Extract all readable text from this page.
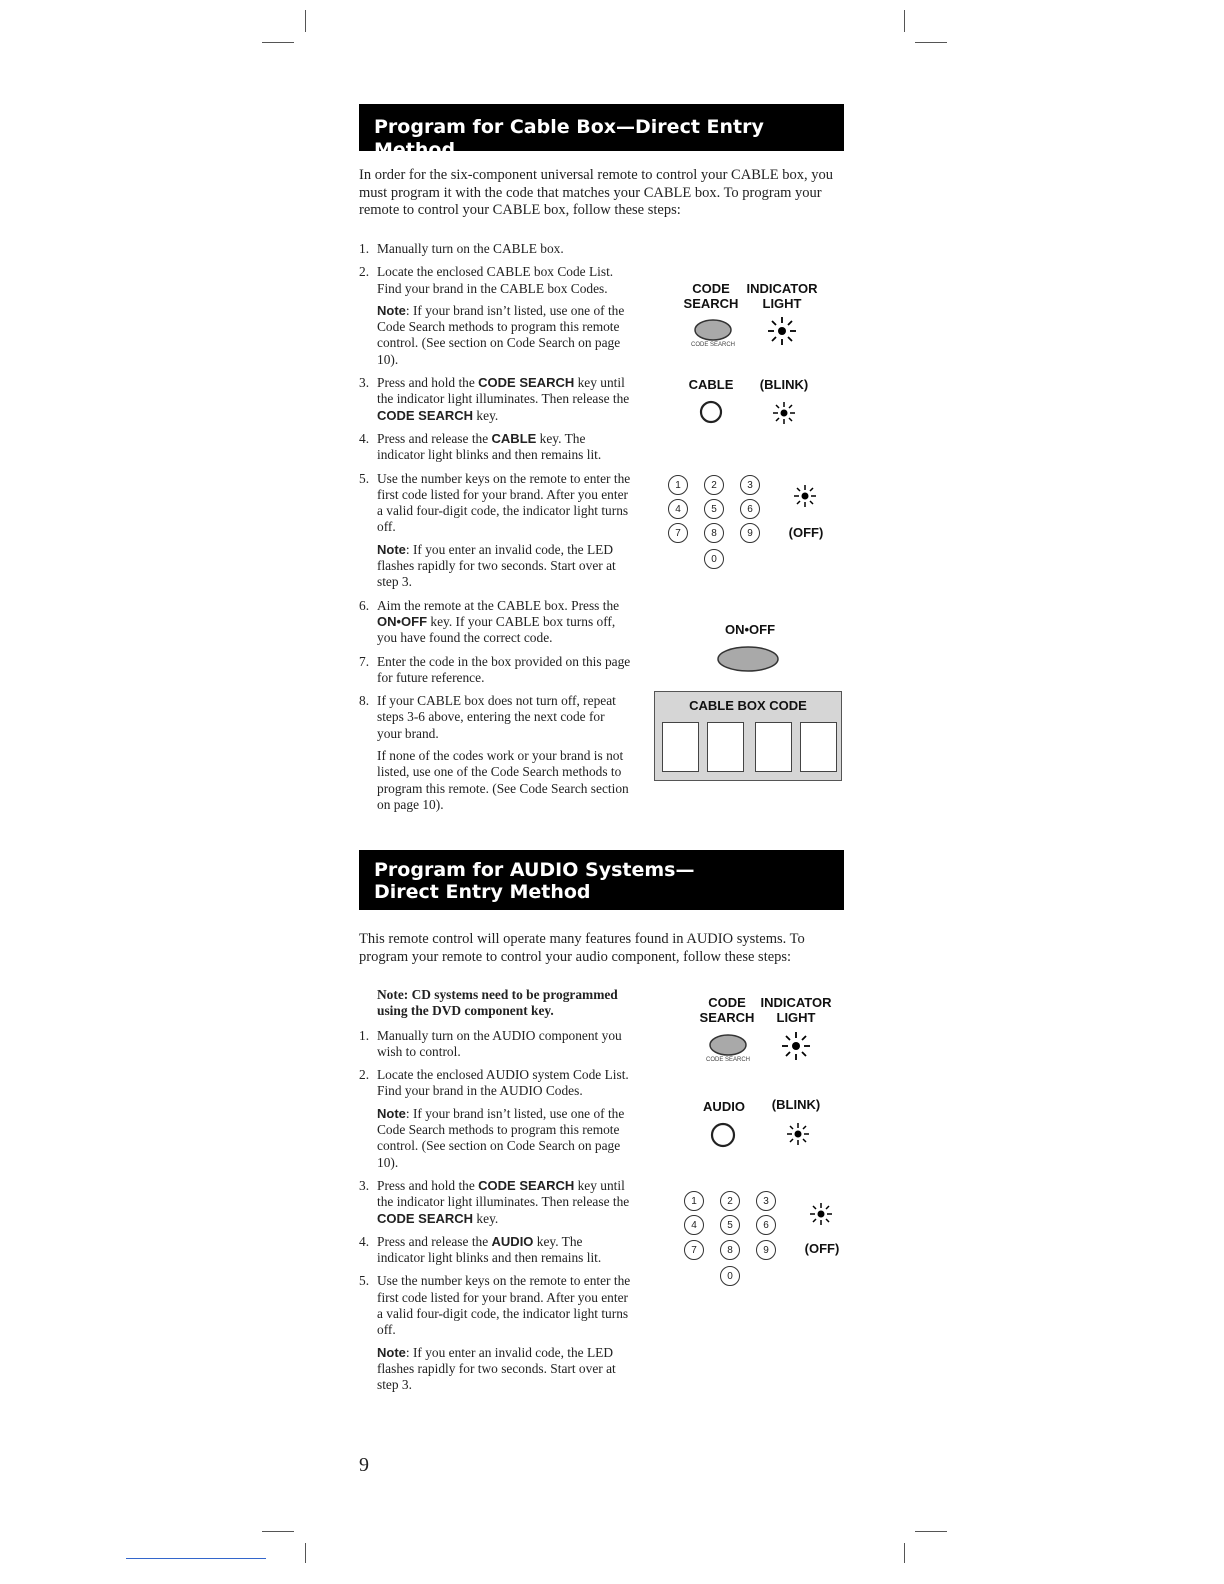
Program for Cable Box—Direct Entry Method
In order for the six-component universal remote to control your CABLE box, you must program it with the code that matches your CABLE box. To program your remote to control your CABLE box, follow these steps:
1. Manually turn on the CABLE box.

2. Locate the enclosed CABLE box Code List. Find your brand in the CABLE box Codes.

Note: If your brand isn’t listed, use one of the Code Search methods to program this remote control. (See section on Code Search on page 10).

3. Press and hold the CODE SEARCH key until the indicator light illuminates. Then release the CODE SEARCH key.

4. Press and release the CABLE key. The indicator light blinks and then remains lit.

5. Use the number keys on the remote to enter the first code listed for your brand. After you enter a valid four-digit code, the indicator light turns off.

Note: If you enter an invalid code, the LED flashes rapidly for two seconds. Start over at step 3.

6. Aim the remote at the CABLE box. Press the ON•OFF key. If your CABLE box turns off, you have found the correct code.

7. Enter the code in the box provided on this page for future reference.

8. If your CABLE box does not turn off, repeat steps 3-6 above, entering the next code for your brand.

If none of the codes work or your brand is not listed, use one of the Code Search methods to program this remote. (See Code Search section on page 10).

CODE SEARCH
INDICATOR LIGHT
CODE SEARCH
CABLE	(BLINK)
1	2	3
4	5	6
7	8	9
0
(OFF)
ON•OFF
CABLE BOX CODE
Program for AUDIO Systems—
Direct Entry Method
This remote control will operate many features found in AUDIO systems. To program your remote to control your audio component, follow these steps:
Note: CD systems need to be programmed using the DVD component key.
1. Manually turn on the AUDIO component you wish to control.

2. Locate the enclosed AUDIO system Code List. Find your brand in the AUDIO Codes.

Note: If your brand isn’t listed, use one of the Code Search methods to program this remote control. (See section on Code Search on page 10).

3. Press and hold the CODE SEARCH key until the indicator light illuminates. Then release the CODE SEARCH key.

4. Press and release the AUDIO key. The indicator light blinks and then remains lit.

5. Use the number keys on the remote to enter the first code listed for your brand. After you enter a valid four-digit code, the indicator light turns off.

Note: If you enter an invalid code, the LED flashes rapidly for two seconds. Start over at step 3.

CODE SEARCH
INDICATOR LIGHT
CODE SEARCH
AUDIO	(BLINK)
1	2	3
4	5	6
7	8	9
0
(OFF)
9
